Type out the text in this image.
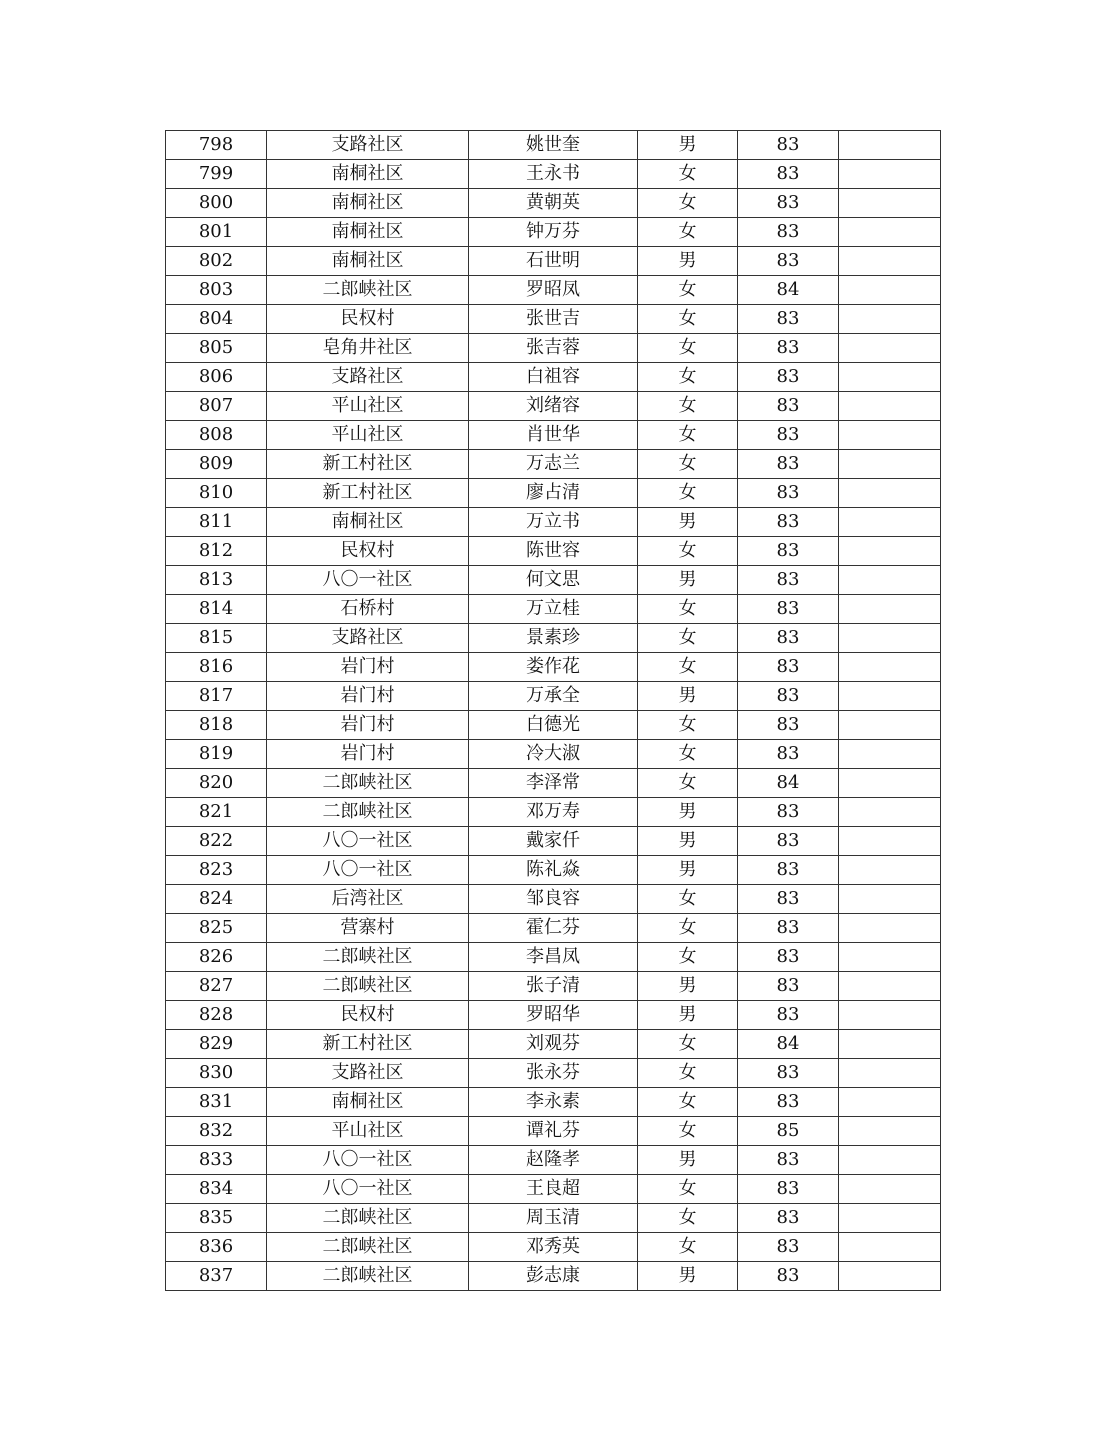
798	支路社区	姚世奎	男	83	
799	南桐社区	王永书	女	83	
800	南桐社区	黄朝英	女	83	
801	南桐社区	钟万芬	女	83	
802	南桐社区	石世明	男	83	
803	二郎峡社区	罗昭凤	女	84	
804	民权村	张世吉	女	83	
805	皂角井社区	张吉蓉	女	83	
806	支路社区	白祖容	女	83	
807	平山社区	刘绪容	女	83	
808	平山社区	肖世华	女	83	
809	新工村社区	万志兰	女	83	
810	新工村社区	廖占清	女	83	
811	南桐社区	万立书	男	83	
812	民权村	陈世容	女	83	
813	八〇一社区	何文思	男	83	
814	石桥村	万立桂	女	83	
815	支路社区	景素珍	女	83	
816	岩门村	娄作花	女	83	
817	岩门村	万承全	男	83	
818	岩门村	白德光	女	83	
819	岩门村	冷大淑	女	83	
820	二郎峡社区	李泽常	女	84	
821	二郎峡社区	邓万寿	男	83	
822	八〇一社区	戴家仟	男	83	
823	八〇一社区	陈礼焱	男	83	
824	后湾社区	邹良容	女	83	
825	营寨村	霍仁芬	女	83	
826	二郎峡社区	李昌凤	女	83	
827	二郎峡社区	张子清	男	83	
828	民权村	罗昭华	男	83	
829	新工村社区	刘观芬	女	84	
830	支路社区	张永芬	女	83	
831	南桐社区	李永素	女	83	
832	平山社区	谭礼芬	女	85	
833	八〇一社区	赵隆孝	男	83	
834	八〇一社区	王良超	女	83	
835	二郎峡社区	周玉清	女	83	
836	二郎峡社区	邓秀英	女	83	
837	二郎峡社区	彭志康	男	83	
